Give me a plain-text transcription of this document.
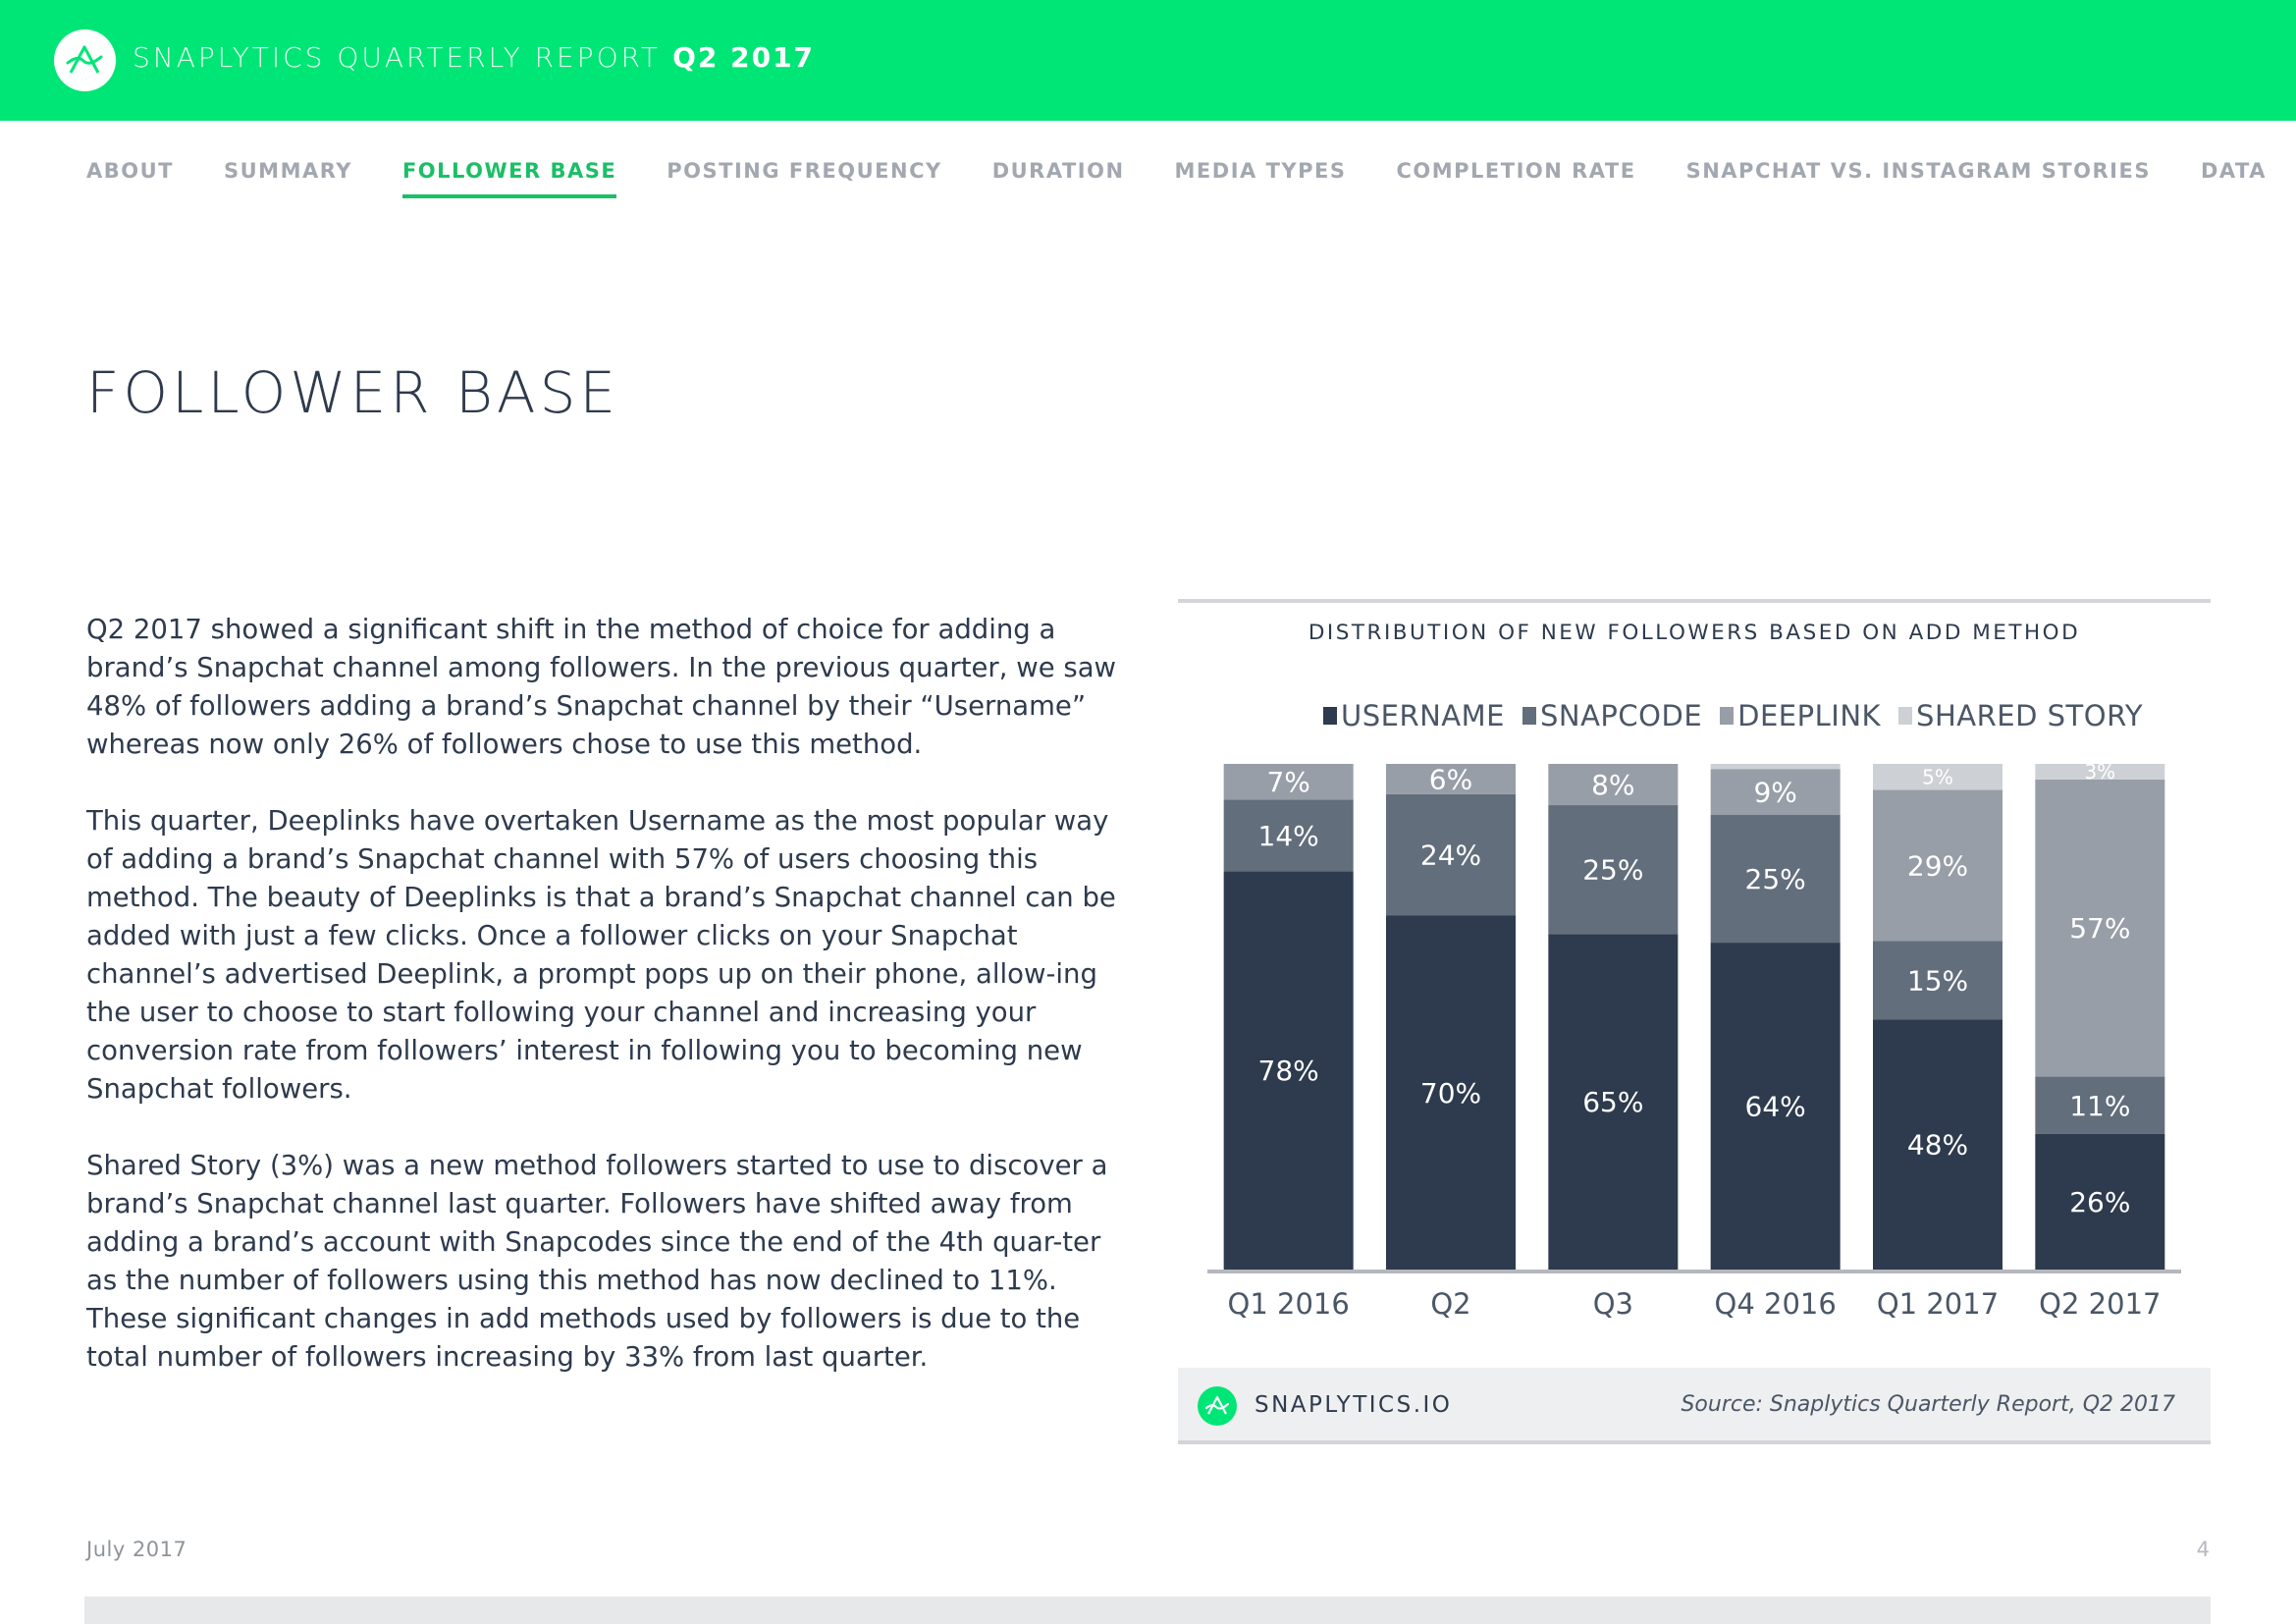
SNAPLYTICS QUARTERLY REPORT Q2 2017
ABOUT SUMMARY FOLLOWER BASE POSTING FREQUENCY DURATION MEDIA TYPES COMPLETION RATE SNAPCHAT VS. INSTAGRAM STORIES DATA
FOLLOWER BASE

Q2 2017 showed a significant shift in the method of choice for adding a brand’s Snapchat channel among followers. In the previous quarter, we saw 48% of followers adding a brand’s Snapchat channel by their “Username” whereas now only 26% of followers chose to use this method.

This quarter, Deeplinks have overtaken Username as the most popular way of adding a brand’s Snapchat channel with 57% of users choosing this method. The beauty of Deeplinks is that a brand’s Snapchat channel can be added with just a few clicks. Once a follower clicks on your Snapchat channel’s advertised Deeplink, a prompt pops up on their phone, allow-ing the user to choose to start following your channel and increasing your conversion rate from followers’ interest in following you to becoming new Snapchat followers.

Shared Story (3%) was a new method followers started to use to discover a brand’s Snapchat channel last quarter. Followers have shifted away from adding a brand’s account with Snapcodes since the end of the 4th quar-ter as the number of followers using this method has now declined to 11%. These significant changes in add methods used by followers is due to the total number of followers increasing by 33% from last quarter.

DISTRIBUTION OF NEW FOLLOWERS BASED ON ADD METHOD
USERNAME SNAPCODE DEEPLINK SHARED STORY
78%
14%
7%
Q1 2016
70%
24%
6%
Q2
65%
25%
8%
Q3
64%
25%
9%
Q4 2016
48%
15%
29%
5%
Q1 2017
26%
11%
57%
3%
Q2 2017
SNAPLYTICS.IO	Source: Snaplytics Quarterly Report, Q2 2017
July 2017	4
